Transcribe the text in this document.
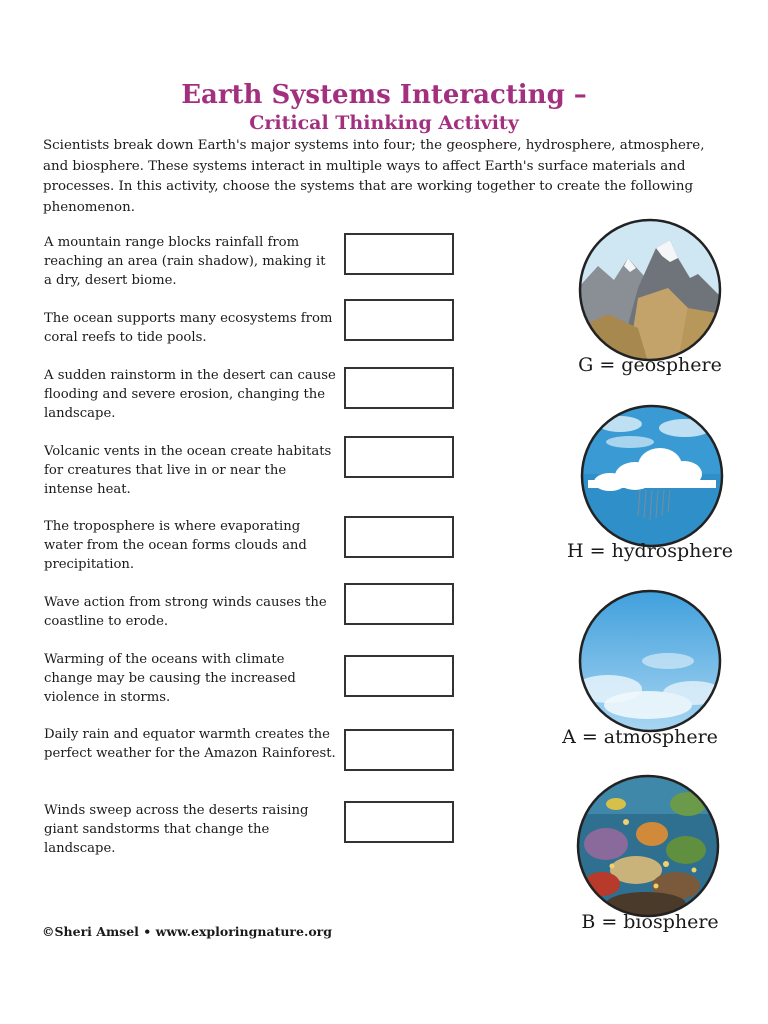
Earth Systems Interacting –
Critical Thinking Activity

Scientists break down Earth's major systems into four; the geosphere, hydrosphere, atmosphere, and biosphere. These systems interact in multiple ways to affect Earth's surface materials and processes. In this activity, choose the systems that are working together to create the following phenomenon.

A mountain range blocks rainfall from reaching an area (rain shadow), making it a dry, desert biome.

The ocean supports many ecosystems from coral reefs to tide pools.

A sudden rainstorm in the desert can cause flooding and severe erosion, changing the landscape.

Volcanic vents in the ocean create habitats for creatures that live in or near the intense heat.

The troposphere is where evaporating water from the ocean forms clouds and precipitation.

Wave action from strong winds causes the coastline to erode.

Warming of the oceans with climate change may be causing the increased violence in storms.

Daily rain and equator warmth creates the perfect weather for the Amazon Rainforest.

Winds sweep across the deserts raising giant sandstorms that change the landscape.

G = geosphere

H = hydrosphere

A = atmosphere

B = biosphere

©Sheri Amsel • www.exploringnature.org
